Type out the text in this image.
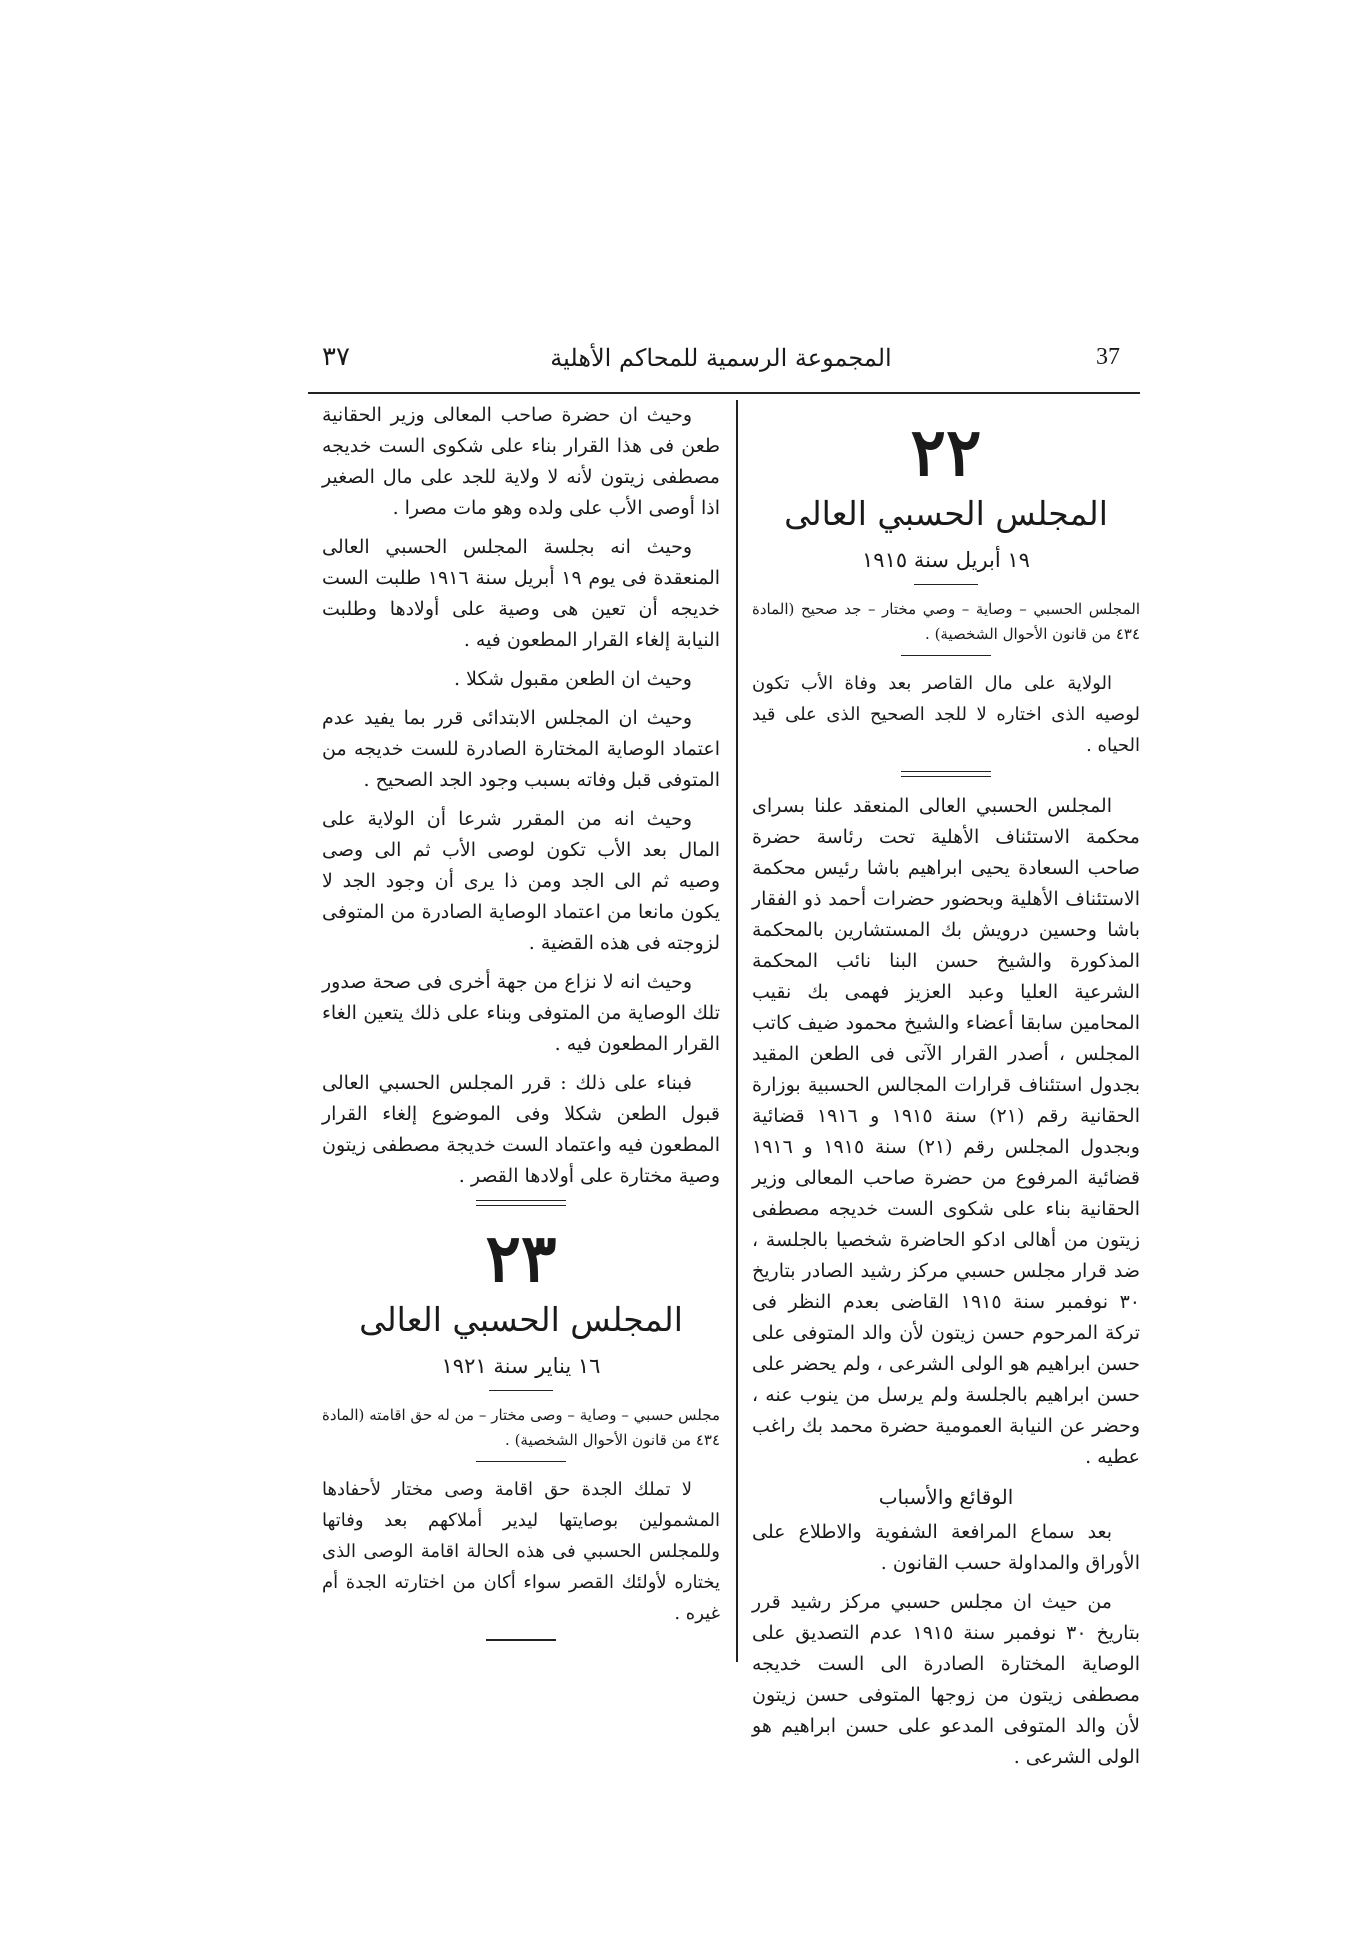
٣٧	المجموعة الرسمية للمحاكم الأهلية	37
٢٢
المجلس الحسبي العالى
١٩ أبريل سنة ١٩١٥
المجلس الحسبي – وصاية – وصي مختار – جد صحيح (المادة ٤٣٤ من قانون الأحوال الشخصية) .
الولاية على مال القاصر بعد وفاة الأب تكون لوصيه الذى اختاره لا للجد الصحيح الذى على قيد الحياه .

المجلس الحسبي العالى المنعقد علنا بسراى محكمة الاستئناف الأهلية تحت رئاسة حضرة صاحب السعادة يحيى ابراهيم باشا رئيس محكمة الاستئناف الأهلية وبحضور حضرات أحمد ذو الفقار باشا وحسين درويش بك المستشارين بالمحكمة المذكورة والشيخ حسن البنا نائب المحكمة الشرعية العليا وعبد العزيز فهمى بك نقيب المحامين سابقا أعضاء والشيخ محمود ضيف كاتب المجلس ، أصدر القرار الآتى فى الطعن المقيد بجدول استئناف قرارات المجالس الحسبية بوزارة الحقانية رقم (٢١) سنة ١٩١٥ و ١٩١٦ قضائية وبجدول المجلس رقم (٢١) سنة ١٩١٥ و ١٩١٦ قضائية المرفوع من حضرة صاحب المعالى وزير الحقانية بناء على شكوى الست خديجه مصطفى زيتون من أهالى ادكو الحاضرة شخصيا بالجلسة ، ضد قرار مجلس حسبي مركز رشيد الصادر بتاريخ ٣٠ نوفمبر سنة ١٩١٥ القاضى بعدم النظر فى تركة المرحوم حسن زيتون لأن والد المتوفى على حسن ابراهيم هو الولى الشرعى ، ولم يحضر على حسن ابراهيم بالجلسة ولم يرسل من ينوب عنه ، وحضر عن النيابة العمومية حضرة محمد بك راغب عطيه .

الوقائع والأسباب

بعد سماع المرافعة الشفوية والاطلاع على الأوراق والمداولة حسب القانون .

من حيث ان مجلس حسبي مركز رشيد قرر بتاريخ ٣٠ نوفمبر سنة ١٩١٥ عدم التصديق على الوصاية المختارة الصادرة الى الست خديجه مصطفى زيتون من زوجها المتوفى حسن زيتون لأن والد المتوفى المدعو على حسن ابراهيم هو الولى الشرعى .

وحيث ان حضرة صاحب المعالى وزير الحقانية طعن فى هذا القرار بناء على شكوى الست خديجه مصطفى زيتون لأنه لا ولاية للجد على مال الصغير اذا أوصى الأب على ولده وهو مات مصرا .

وحيث انه بجلسة المجلس الحسبي العالى المنعقدة فى يوم ١٩ أبريل سنة ١٩١٦ طلبت الست خديجه أن تعين هى وصية على أولادها وطلبت النيابة إلغاء القرار المطعون فيه .

وحيث ان الطعن مقبول شكلا .

وحيث ان المجلس الابتدائى قرر بما يفيد عدم اعتماد الوصاية المختارة الصادرة للست خديجه من المتوفى قبل وفاته بسبب وجود الجد الصحيح .

وحيث انه من المقرر شرعا أن الولاية على المال بعد الأب تكون لوصى الأب ثم الى وصى وصيه ثم الى الجد ومن ذا يرى أن وجود الجد لا يكون مانعا من اعتماد الوصاية الصادرة من المتوفى لزوجته فى هذه القضية .

وحيث انه لا نزاع من جهة أخرى فى صحة صدور تلك الوصاية من المتوفى وبناء على ذلك يتعين الغاء القرار المطعون فيه .

فبناء على ذلك : قرر المجلس الحسبي العالى قبول الطعن شكلا وفى الموضوع إلغاء القرار المطعون فيه واعتماد الست خديجة مصطفى زيتون وصية مختارة على أولادها القصر .

٢٣
المجلس الحسبي العالى
١٦ يناير سنة ١٩٢١
مجلس حسبي – وصاية – وصى مختار – من له حق اقامته (المادة ٤٣٤ من قانون الأحوال الشخصية) .
لا تملك الجدة حق اقامة وصى مختار لأحفادها المشمولين بوصايتها ليدير أملاكهم بعد وفاتها وللمجلس الحسبي فى هذه الحالة اقامة الوصى الذى يختاره لأولئك القصر سواء أكان من اختارته الجدة أم غيره .
